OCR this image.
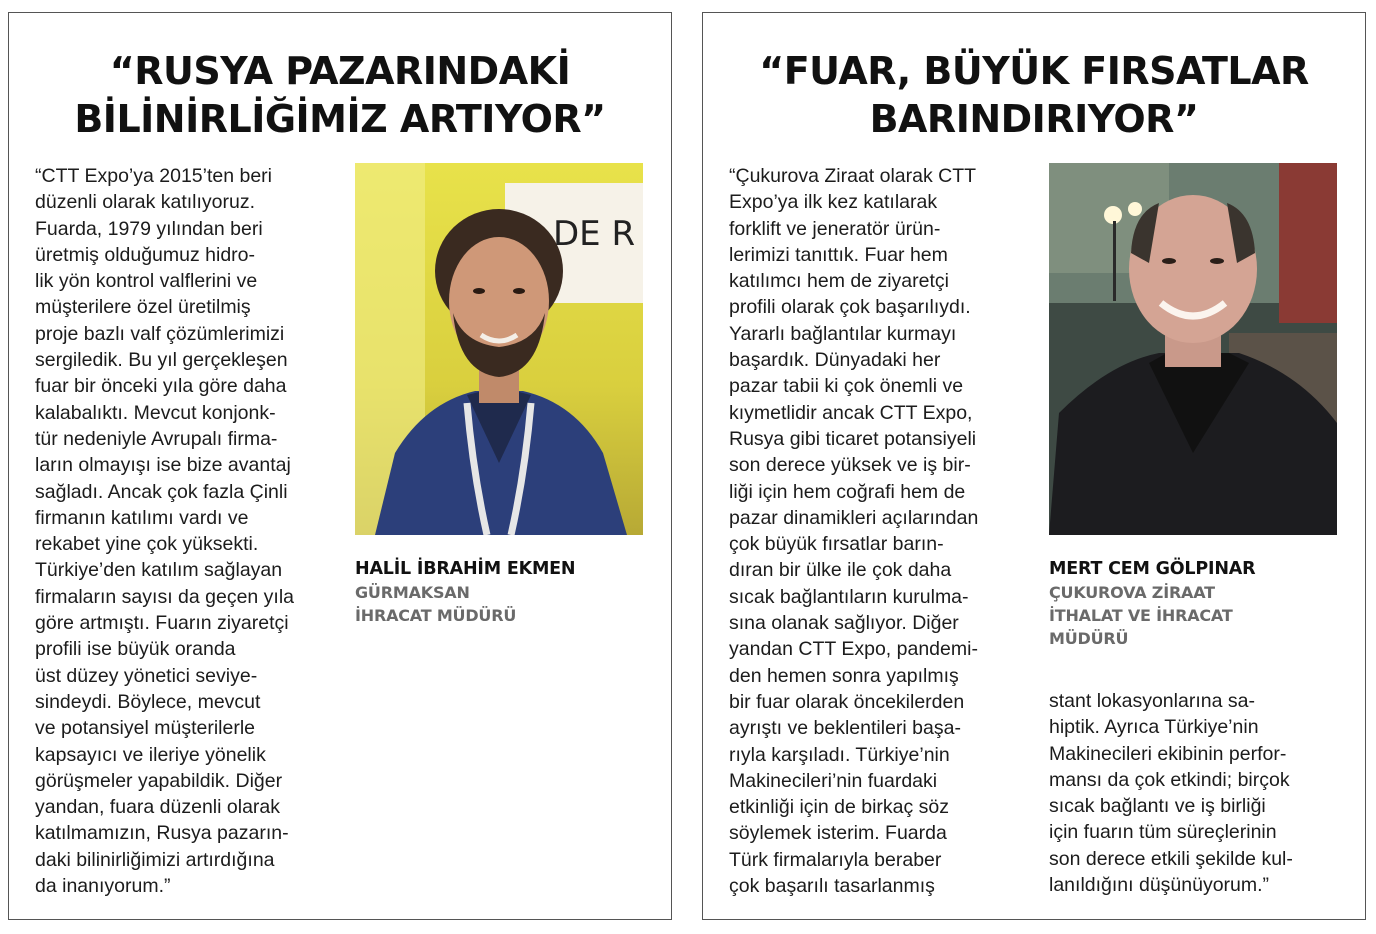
“RUSYA PAZARINDAKİ
BİLİNİRLİĞİMİZ ARTIYOR”
“CTT Expo’ya 2015’ten beri
düzenli olarak katılıyoruz.
Fuarda, 1979 yılından beri
üretmiş olduğumuz hidro-
lik yön kontrol valflerini ve
müşterilere özel üretilmiş
proje bazlı valf çözümlerimizi
sergiledik. Bu yıl gerçekleşen
fuar bir önceki yıla göre daha
kalabalıktı. Mevcut konjonk-
tür nedeniyle Avrupalı firma-
ların olmayışı ise bize avantaj
sağladı. Ancak çok fazla Çinli
firmanın katılımı vardı ve
rekabet yine çok yüksekti.
Türkiye’den katılım sağlayan
firmaların sayısı da geçen yıla
göre artmıştı. Fuarın ziyaretçi
profili ise büyük oranda
üst düzey yönetici seviye-
sindeydi. Böylece, mevcut
ve potansiyel müşterilerle
kapsayıcı ve ileriye yönelik
görüşmeler yapabildik. Diğer
yandan, fuara düzenli olarak
katılmamızın, Rusya pazarın-
daki bilinirliğimizi artırdığına
da inanıyorum.”
DE R
HALİL İBRAHİM EKMEN
GÜRMAKSAN
İHRACAT MÜDÜRÜ
“FUAR, BÜYÜK FIRSATLAR
BARINDIRIYOR”
“Çukurova Ziraat olarak CTT
Expo’ya ilk kez katılarak
forklift ve jeneratör ürün-
lerimizi tanıttık. Fuar hem
katılımcı hem de ziyaretçi
profili olarak çok başarılıydı.
Yararlı bağlantılar kurmayı
başardık. Dünyadaki her
pazar tabii ki çok önemli ve
kıymetlidir ancak CTT Expo,
Rusya gibi ticaret potansiyeli
son derece yüksek ve iş bir-
liği için hem coğrafi hem de
pazar dinamikleri açılarından
çok büyük fırsatlar barın-
dıran bir ülke ile çok daha
sıcak bağlantıların kurulma-
sına olanak sağlıyor. Diğer
yandan CTT Expo, pandemi-
den hemen sonra yapılmış
bir fuar olarak öncekilerden
ayrıştı ve beklentileri başa-
rıyla karşıladı. Türkiye’nin
Makinecileri’nin fuardaki
etkinliği için de birkaç söz
söylemek isterim. Fuarda
Türk firmalarıyla beraber
çok başarılı tasarlanmış
MERT CEM GÖLPINAR
ÇUKUROVA ZİRAAT
İTHALAT VE İHRACAT
MÜDÜRÜ
stant lokasyonlarına sa-
hiptik. Ayrıca Türkiye’nin
Makinecileri ekibinin perfor-
mansı da çok etkindi; birçok
sıcak bağlantı ve iş birliği
için fuarın tüm süreçlerinin
son derece etkili şekilde kul-
lanıldığını düşünüyorum.”
